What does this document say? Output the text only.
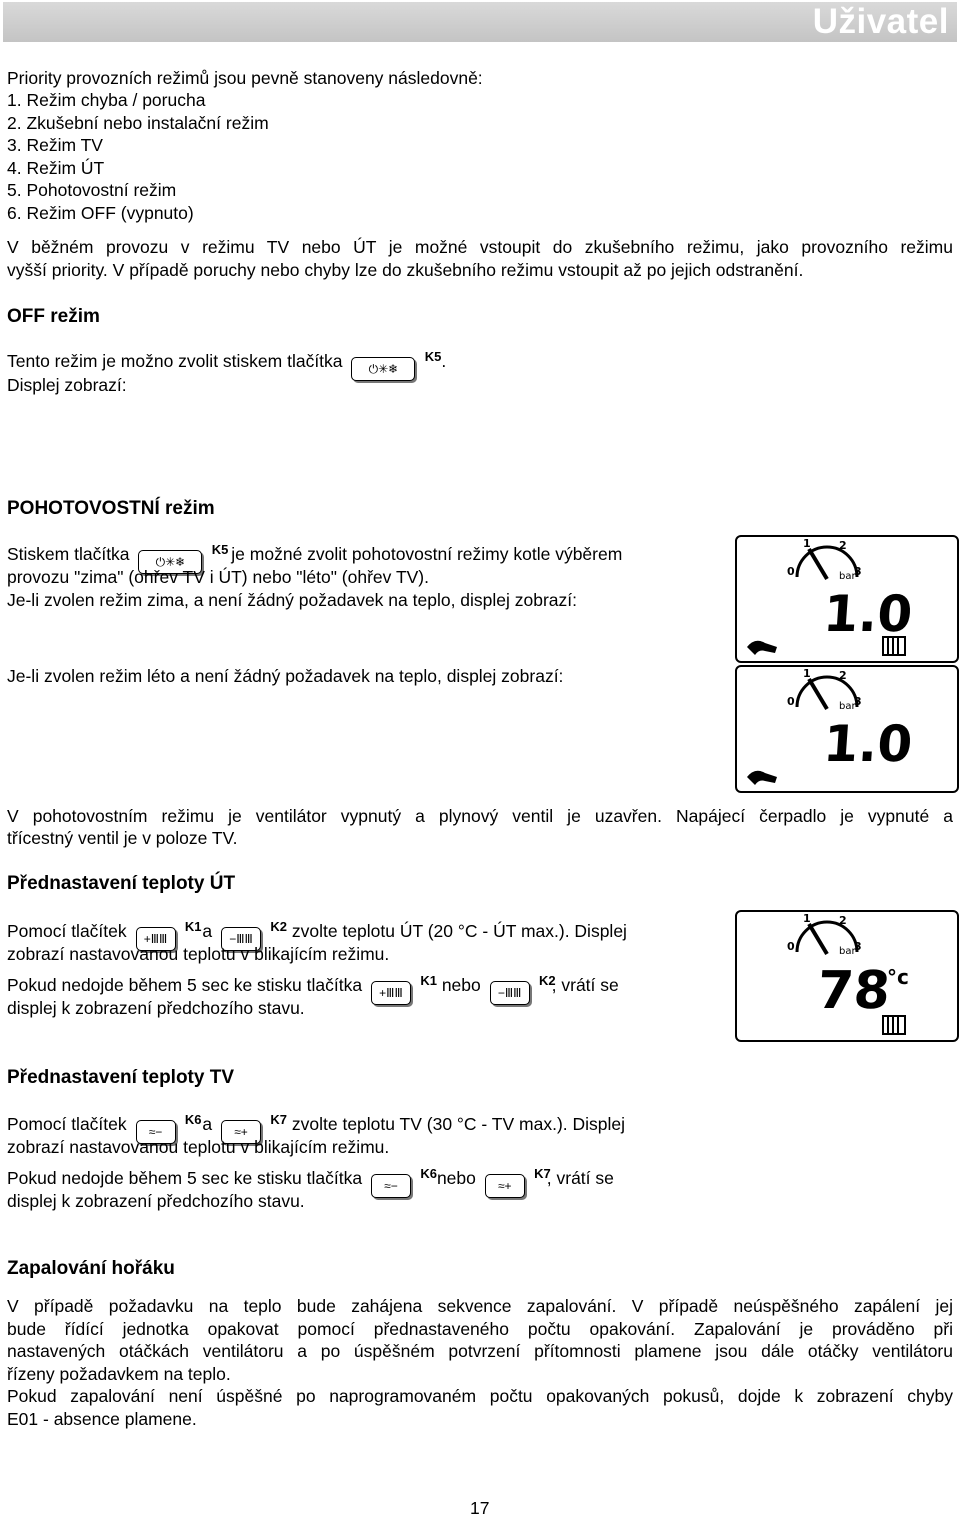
Uživatel
Priority provozních režimů jsou pevně stanoveny následovně:
1. Režim chyba / porucha
2. Zkušební nebo instalační režim
3. Režim TV
4. Režim ÚT
5. Pohotovostní režim
6. Režim OFF (vypnuto)
V běžném provozu v režimu TV nebo ÚT je možné vstoupit do zkušebního režimu, jako provozního režimu
vyšší priority. V případě poruchy nebo chyby lze do zkušebního režimu vstoupit až po jejich odstranění.
OFF režim
Tento režim je možno zvolit stiskem tlačítka	⏻✳❄
K5 .
Displej zobrazí:
POHOTOVOSTNÍ režim
Stiskem tlačítka	⏻✳❄
K5 je možné zvolit pohotovostní režimy kotle výběrem
provozu "zima" (ohřev TV i ÚT) nebo "léto" (ohřev TV).
Je-li zvolen režim zima, a není žádný požadavek na teplo, displej zobrazí:
Je-li zvolen režim léto a není žádný požadavek na teplo, displej zobrazí:
0
1	2
3
bar
1.0
0
1	2
3
bar
1.0
V pohotovostním režimu je ventilátor vypnutý a plynový ventil je uzavřen. Napájecí čerpadlo je vypnuté a
třícestný ventil je v poloze TV.
Přednastavení teploty ÚT
Pomocí tlačítek	+ⅢⅢ
K1 a	−ⅢⅢ
K2 zvolte teplotu ÚT (20 °C - ÚT max.). Displej
zobrazí nastavovanou teplotu v blikajícím režimu.
Pokud nedojde během 5 sec ke stisku tlačítka	+ⅢⅢ
K1 nebo	−ⅢⅢ
K2
, vrátí se
displej k zobrazení předchozího stavu.
0
1	2
3
bar
78
°c
Přednastavení teploty TV
Pomocí tlačítek	≈−
K6 a	≈+
K7 zvolte teplotu TV (30 °C - TV max.). Displej
zobrazí nastavovanou teplotu v blikajícím režimu.
Pokud nedojde během 5 sec ke stisku tlačítka	≈−
K6 nebo	≈+
K7
, vrátí se
displej k zobrazení předchozího stavu.
Zapalování hořáku
V případě požadavku na teplo bude zahájena sekvence zapalování. V případě neúspěšného zapálení jej
bude řídící jednotka opakovat pomocí přednastaveného počtu opakování. Zapalování je prováděno při
nastavených otáčkách ventilátoru a po úspěšném potvrzení přítomnosti plamene jsou dále otáčky ventilátoru
řízeny požadavkem na teplo.
Pokud zapalování není úspěšné po naprogramovaném počtu opakovaných pokusů, dojde k zobrazení chyby
E01 - absence plamene.
17
